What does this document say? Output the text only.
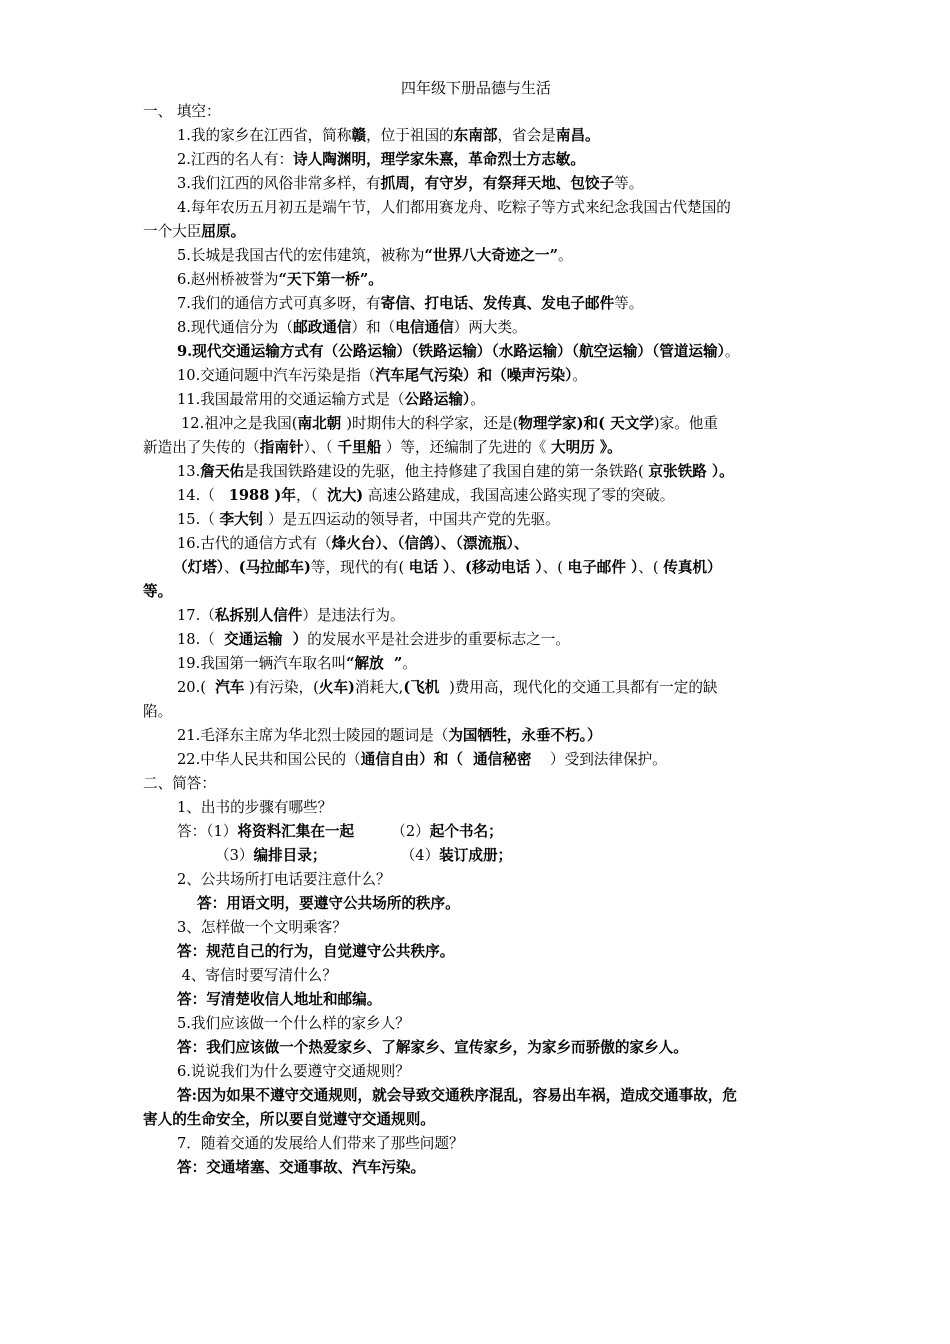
四年级下册品德与生活
一、 填空：
1.我的家乡在江西省，简称赣，位于祖国的东南部，省会是南昌。
2.江西的名人有：诗人陶渊明，理学家朱熹，革命烈士方志敏。
3.我们江西的风俗非常多样，有抓周，有守岁，有祭拜天地、包饺子等。
4.每年农历五月初五是端午节，人们都用赛龙舟、吃粽子等方式来纪念我国古代楚国的
一个大臣屈原。
5.长城是我国古代的宏伟建筑，被称为“世界八大奇迹之一”。
6.赵州桥被誉为“天下第一桥”。
7.我们的通信方式可真多呀，有寄信、打电话、发传真、发电子邮件等。
8.现代通信分为（邮政通信）和（电信通信）两大类。
9.现代交通运输方式有（公路运输）（铁路运输）（水路运输）（航空运输）（管道运输）。
10.交通问题中汽车污染是指（汽车尾气污染）和（噪声污染）。
11.我国最常用的交通运输方式是（公路运输）。
12.祖冲之是我国(南北朝 )时期伟大的科学家，还是(物理学家)和( 天文学)家。他重
新造出了失传的（指南针）、（ 千里船 ）等，还编制了先进的《 大明历 》。
13.詹天佑是我国铁路建设的先驱，他主持修建了我国自建的第一条铁路( 京张铁路 ）。
14.（   1988 )年，（  沈大) 高速公路建成，我国高速公路实现了零的突破。
15.（ 李大钊 ）是五四运动的领导者，中国共产党的先驱。
16.古代的通信方式有（烽火台）、（信鸽）、（漂流瓶）、
（灯塔）、(马拉邮车)等，现代的有( 电话 ）、(移动电话 ）、( 电子邮件 ）、( 传真机）
等。
17.（私拆别人信件）是违法行为。
18.（  交通运输  ）的发展水平是社会进步的重要标志之一。
19.我国第一辆汽车取名叫“解放  ”。
20.(  汽车 )有污染，(火车)消耗大,(飞机  )费用高，现代化的交通工具都有一定的缺
陷。
21.毛泽东主席为华北烈士陵园的题词是（为国牺牲，永垂不朽。）
22.中华人民共和国公民的（通信自由）和（  通信秘密    ）受到法律保护。
二、简答：
1、出书的步骤有哪些？
答：（1）将资料汇集在一起        （2）起个书名；
（3）编排目录；                （4）装订成册；
2、公共场所打电话要注意什么？
答：用语文明，要遵守公共场所的秩序。
3、怎样做一个文明乘客？
答：规范自己的行为，自觉遵守公共秩序。
4、寄信时要写清什么？
答：写清楚收信人地址和邮编。
5.我们应该做一个什么样的家乡人？
答：我们应该做一个热爱家乡、了解家乡、宣传家乡，为家乡而骄傲的家乡人。
6.说说我们为什么要遵守交通规则？
答:因为如果不遵守交通规则，就会导致交通秩序混乱，容易出车祸，造成交通事故，危
害人的生命安全，所以要自觉遵守交通规则。
7．随着交通的发展给人们带来了那些问题？
答：交通堵塞、交通事故、汽车污染。
